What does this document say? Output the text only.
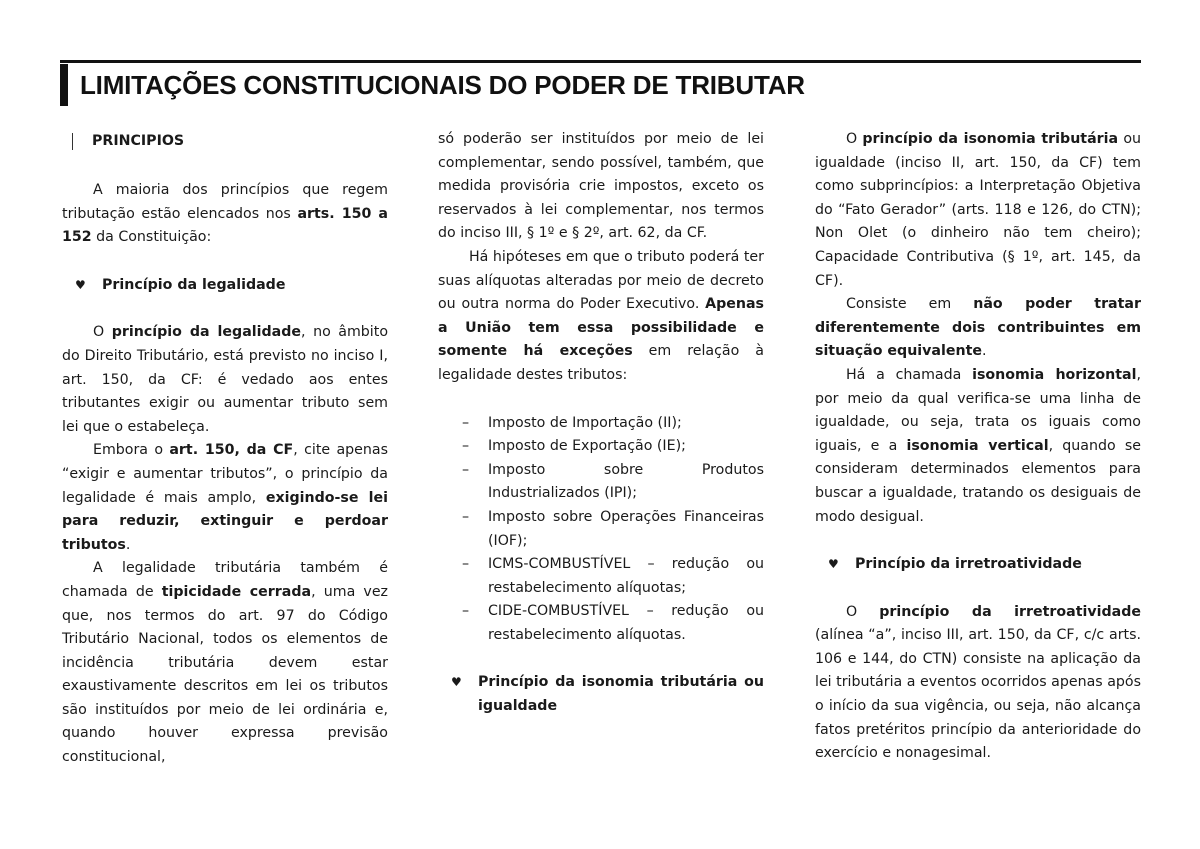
LIMITAÇÕES CONSTITUCIONAIS DO PODER DE TRIBUTAR

PRINCIPIOS

A maioria dos princípios que regem tributação estão elencados nos arts. 150 a 152 da Constituição:

♥ Princípio da legalidade

O princípio da legalidade, no âmbito do Direito Tributário, está previsto no inciso I, art. 150, da CF: é vedado aos entes tributantes exigir ou aumentar tributo sem lei que o estabeleça.

Embora o art. 150, da CF, cite apenas “exigir e aumentar tributos”, o princípio da legalidade é mais amplo, exigindo-se lei para reduzir, extinguir e perdoar tributos.

A legalidade tributária também é chamada de tipicidade cerrada, uma vez que, nos termos do art. 97 do Código Tributário Nacional, todos os elementos de incidência tributária devem estar exaustivamente descritos em lei os tributos são instituídos por meio de lei ordinária e, quando houver expressa previsão constitucional,

só poderão ser instituídos por meio de lei complementar, sendo possível, também, que medida provisória crie impostos, exceto os reservados à lei complementar, nos termos do inciso III, § 1º e § 2º, art. 62, da CF.

Há hipóteses em que o tributo poderá ter suas alíquotas alteradas por meio de decreto ou outra norma do Poder Executivo. Apenas a União tem essa possibilidade e somente há exceções em relação à legalidade destes tributos:

– Imposto de Importação (II);
– Imposto de Exportação (IE);
– Imposto sobre Produtos Industrializados (IPI);
– Imposto sobre Operações Financeiras (IOF);
– ICMS-COMBUSTÍVEL – redução ou restabelecimento alíquotas;
– CIDE-COMBUSTÍVEL – redução ou restabelecimento alíquotas.

♥ Princípio da isonomia tributária ou igualdade

O princípio da isonomia tributária ou igualdade (inciso II, art. 150, da CF) tem como subprincípios: a Interpretação Objetiva do “Fato Gerador” (arts. 118 e 126, do CTN); Non Olet (o dinheiro não tem cheiro); Capacidade Contributiva (§ 1º, art. 145, da CF).

Consiste em não poder tratar diferentemente dois contribuintes em situação equivalente.

Há a chamada isonomia horizontal, por meio da qual verifica-se uma linha de igualdade, ou seja, trata os iguais como iguais, e a isonomia vertical, quando se consideram determinados elementos para buscar a igualdade, tratando os desiguais de modo desigual.

♥ Princípio da irretroatividade

O princípio da irretroatividade (alínea “a”, inciso III, art. 150, da CF, c/c arts. 106 e 144, do CTN) consiste na aplicação da lei tributária a eventos ocorridos apenas após o início da sua vigência, ou seja, não alcança fatos pretéritos princípio da anterioridade do exercício e nonagesimal.
